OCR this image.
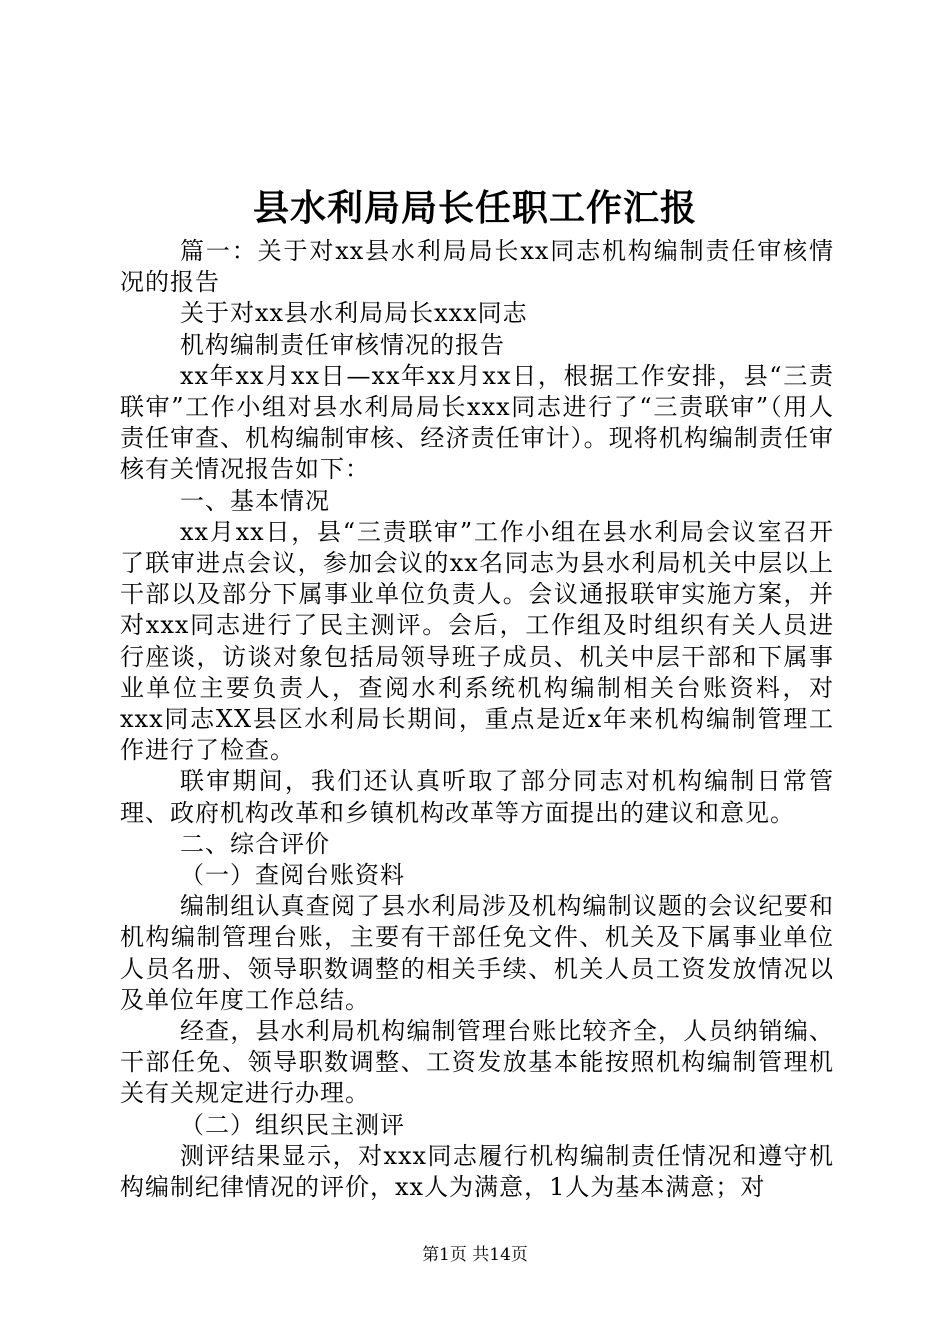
县水利局局长任职工作汇报

篇一：关于对xx县水利局局长xx同志机构编制责任审核情况的报告

关于对xx县水利局局长xxx同志

机构编制责任审核情况的报告

xx年xx月xx日—xx年xx月xx日，根据工作安排，县“三责联审”工作小组对县水利局局长xxx同志进行了“三责联审”（用人责任审查、机构编制审核、经济责任审计）。现将机构编制责任审核有关情况报告如下：

一、基本情况

xx月xx日，县“三责联审”工作小组在县水利局会议室召开了联审进点会议，参加会议的xx名同志为县水利局机关中层以上干部以及部分下属事业单位负责人。会议通报联审实施方案，并对xxx同志进行了民主测评。会后，工作组及时组织有关人员进行座谈，访谈对象包括局领导班子成员、机关中层干部和下属事业单位主要负责人，查阅水利系统机构编制相关台账资料，对xxx同志XX县区水利局长期间，重点是近x年来机构编制管理工作进行了检查。

联审期间，我们还认真听取了部分同志对机构编制日常管理、政府机构改革和乡镇机构改革等方面提出的建议和意见。

二、综合评价

（一）查阅台账资料

编制组认真查阅了县水利局涉及机构编制议题的会议纪要和机构编制管理台账，主要有干部任免文件、机关及下属事业单位人员名册、领导职数调整的相关手续、机关人员工资发放情况以及单位年度工作总结。

经查，县水利局机构编制管理台账比较齐全，人员纳销编、干部任免、领导职数调整、工资发放基本能按照机构编制管理机关有关规定进行办理。

（二）组织民主测评

测评结果显示，对xxx同志履行机构编制责任情况和遵守机构编制纪律情况的评价，xx人为满意，1人为基本满意；对

第1页 共14页
